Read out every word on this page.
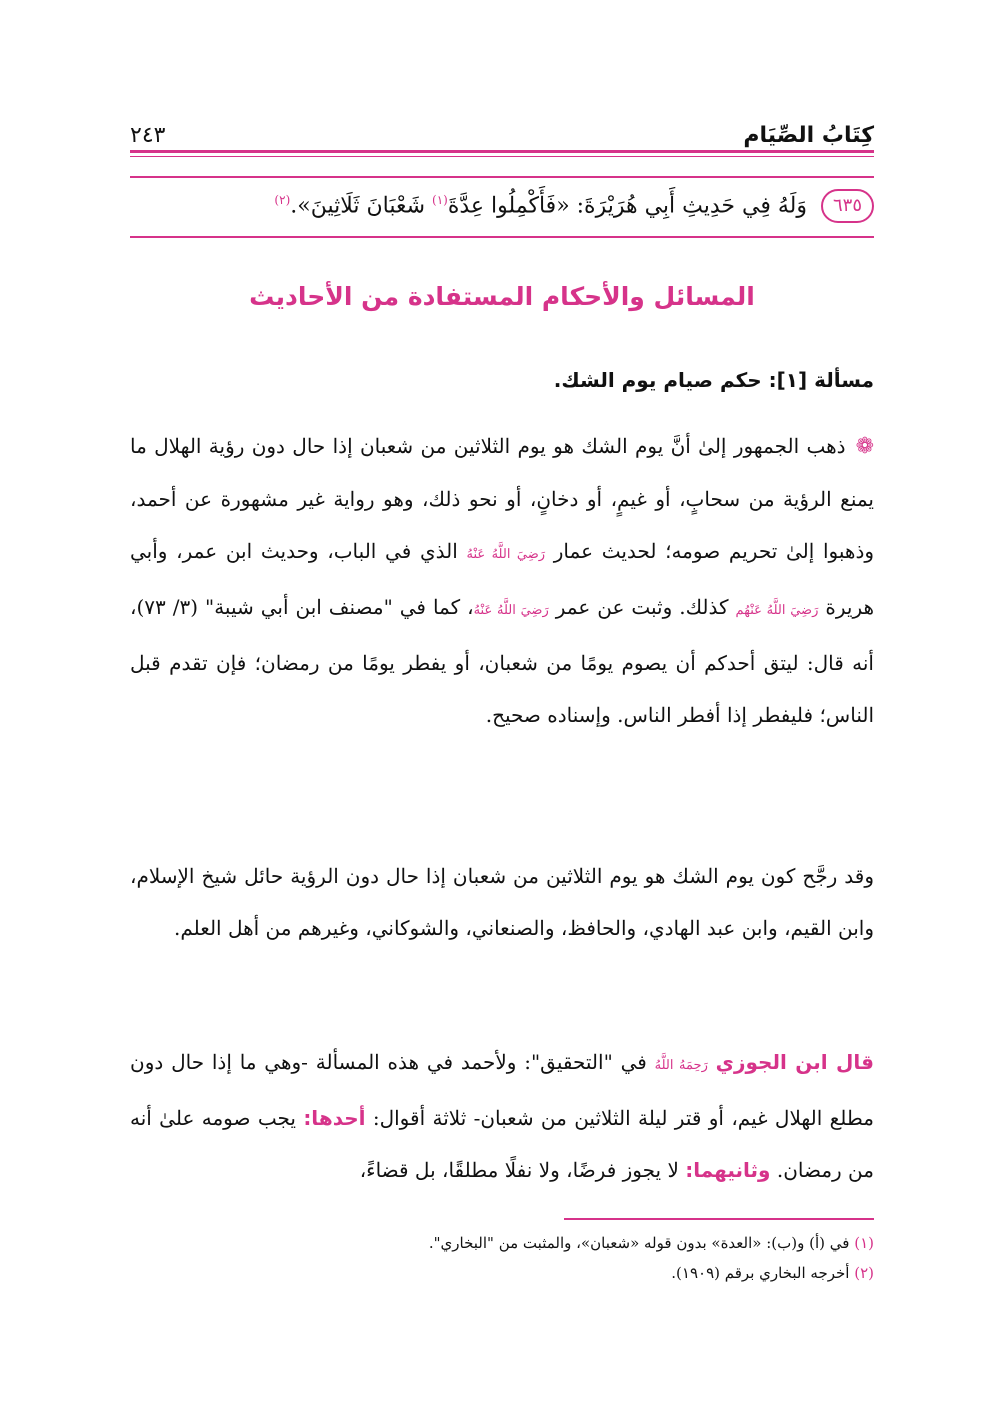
كِتَابُ الصِّيَام
٢٤٣
٦٣٥
وَلَهُ فِي حَدِيثِ أَبِي هُرَيْرَةَ: «فَأَكْمِلُوا عِدَّةَ$^{(١)}$ شَعْبَانَ ثَلَاثِينَ».$^{(٢)}$
المسائل والأحكام المستفادة من الأحاديث
مسألة [١]: حكم صيام يوم الشك.
❁ذهب الجمهور إلىٰ أنَّ يوم الشك هو يوم الثلاثين من شعبان إذا حال دون رؤية الهلال ما يمنع الرؤية من سحابٍ، أو غيمٍ، أو دخانٍ، أو نحو ذلك، وهو رواية غير مشهورة عن أحمد، وذهبوا إلىٰ تحريم صومه؛ لحديث عمار رَضِيَ اللَّهُ عَنْهُ الذي في الباب، وحديث ابن عمر، وأبي هريرة رَضِيَ اللَّهُ عَنْهُم كذلك. وثبت عن عمر رَضِيَ اللَّهُ عَنْهُ، كما في "مصنف ابن أبي شيبة" (٣/ ٧٣)، أنه قال: ليتق أحدكم أن يصوم يومًا من شعبان، أو يفطر يومًا من رمضان؛ فإن تقدم قبل الناس؛ فليفطر إذا أفطر الناس. وإسناده صحيح.
وقد رجَّح كون يوم الشك هو يوم الثلاثين من شعبان إذا حال دون الرؤية حائل شيخ الإسلام، وابن القيم، وابن عبد الهادي، والحافظ، والصنعاني، والشوكاني، وغيرهم من أهل العلم.
قال ابن الجوزي رَحِمَهُ اللَّهُ في "التحقيق": ولأحمد في هذه المسألة -وهي ما إذا حال دون مطلع الهلال غيم، أو قتر ليلة الثلاثين من شعبان- ثلاثة أقوال: أحدها: يجب صومه علىٰ أنه من رمضان. وثانيهما: لا يجوز فرضًا، ولا نفلًا مطلقًا، بل قضاءً،
(١) في (أ) و(ب): «العدة» بدون قوله «شعبان»، والمثبت من "البخاري".
(٢) أخرجه البخاري برقم (١٩٠٩).
